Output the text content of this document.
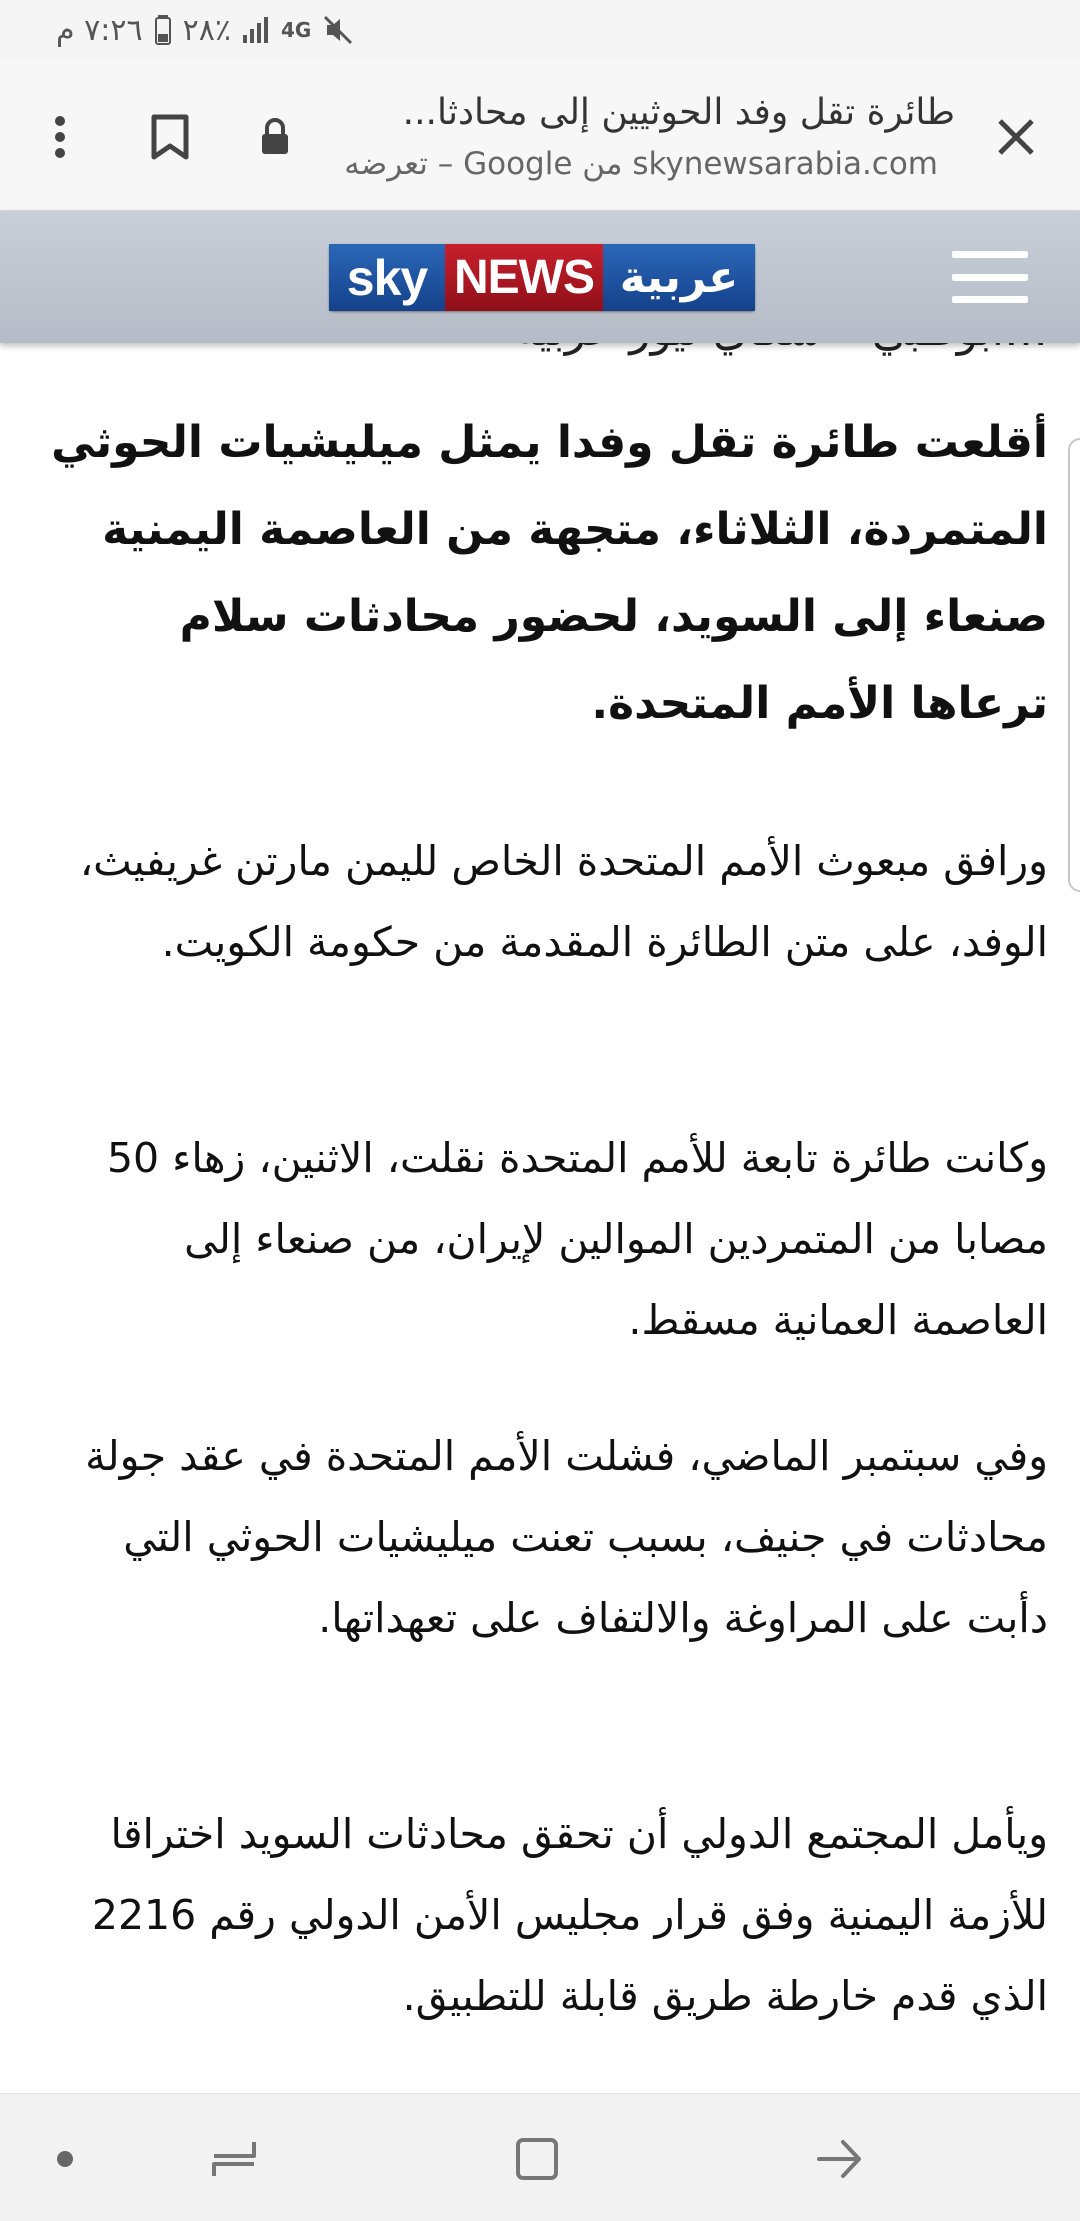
٧:٢٦ م ٢٨٪	4G
طائرة تقل وفد الحوثيين إلى محادثا...
skynewsarabia.com من Google – تعرضه
sky NEWS عربية

أقلعت طائرة تقل وفدا يمثل ميليشيات الحوثي المتمردة، الثلاثاء، متجهة من العاصمة اليمنية صنعاء إلى السويد، لحضور محادثات سلام ترعاها الأمم المتحدة.

ورافق مبعوث الأمم المتحدة الخاص لليمن مارتن غريفيث، الوفد، على متن الطائرة المقدمة من حكومة الكويت.

وكانت طائرة تابعة للأمم المتحدة نقلت، الاثنين، زهاء 50 مصابا من المتمردين الموالين لإيران، من صنعاء إلى العاصمة العمانية مسقط.

وفي سبتمبر الماضي، فشلت الأمم المتحدة في عقد جولة محادثات في جنيف، بسبب تعنت ميليشيات الحوثي التي دأبت على المراوغة والالتفاف على تعهداتها.

ويأمل المجتمع الدولي أن تحقق محادثات السويد اختراقا للأزمة اليمنية وفق قرار مجليس الأمن الدولي رقم 2216 الذي قدم خارطة طريق قابلة للتطبيق.
